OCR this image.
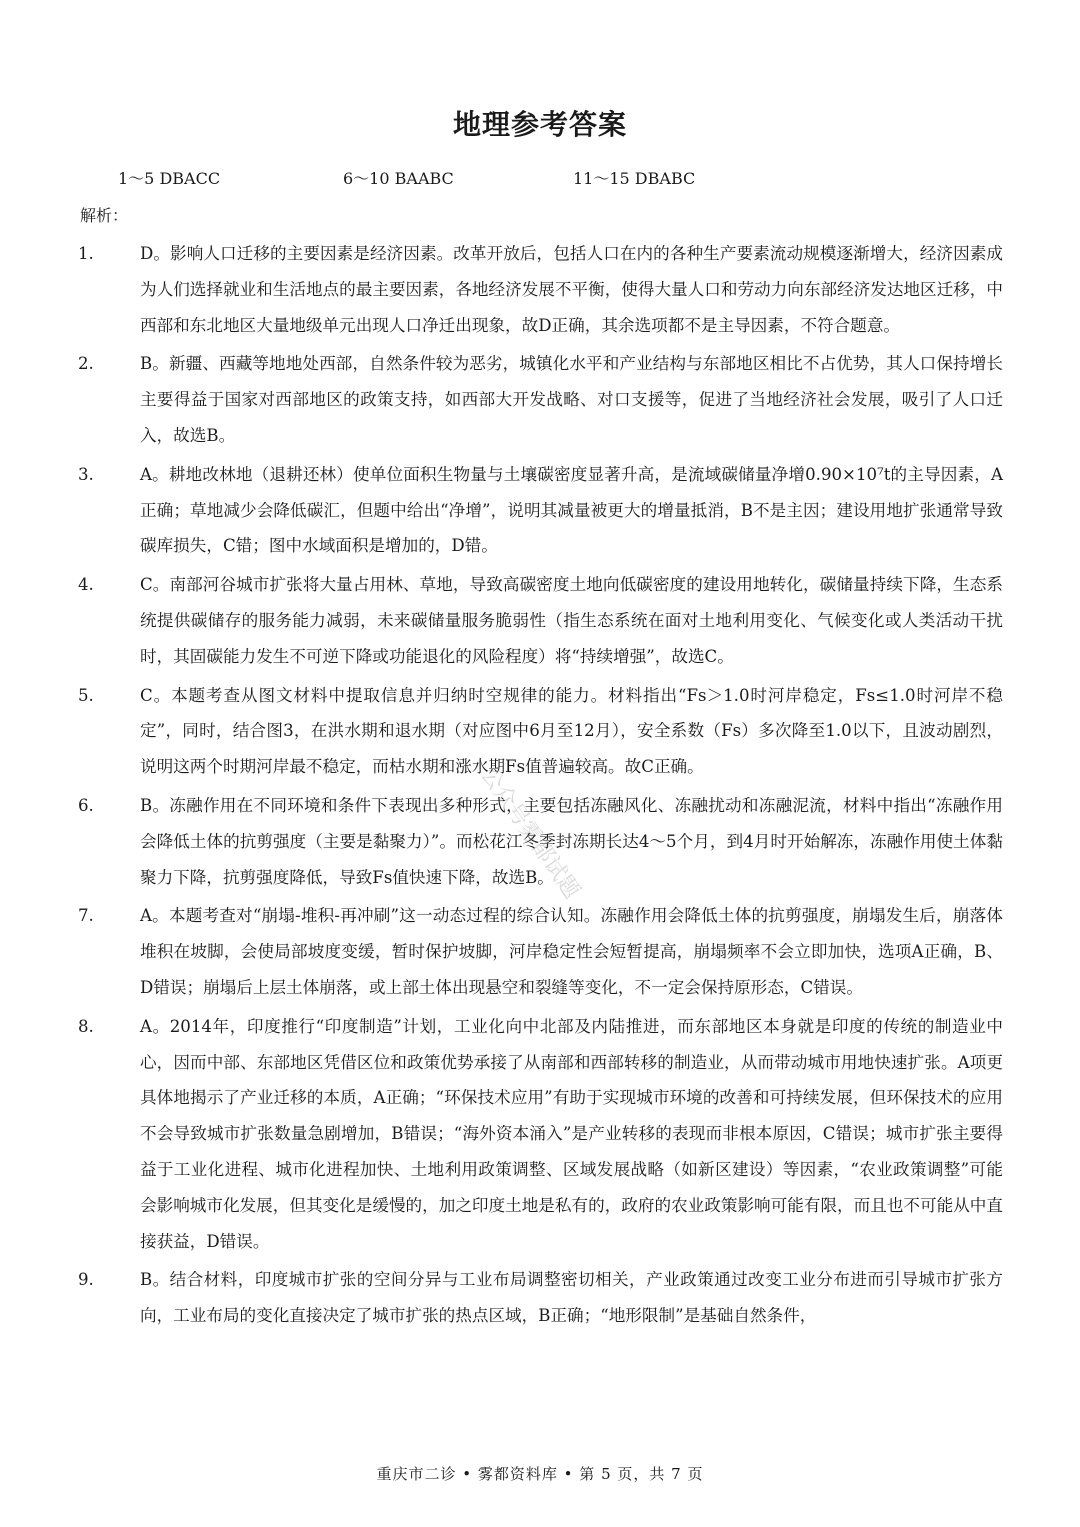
地理参考答案
1～5 DBACC	6～10 BAABC	11～15 DBABC
解析：
1.	D。影响人口迁移的主要因素是经济因素。改革开放后，包括人口在内的各种生产要素流动规模逐渐增大，经济因素成为人们选择就业和生活地点的最主要因素，各地经济发展不平衡，使得大量人口和劳动力向东部经济发达地区迁移，中西部和东北地区大量地级单元出现人口净迁出现象，故D正确，其余选项都不是主导因素，不符合题意。
2.	B。新疆、西藏等地地处西部，自然条件较为恶劣，城镇化水平和产业结构与东部地区相比不占优势，其人口保持增长主要得益于国家对西部地区的政策支持，如西部大开发战略、对口支援等，促进了当地经济社会发展，吸引了人口迁入，故选B。
3.	A。耕地改林地（退耕还林）使单位面积生物量与土壤碳密度显著升高，是流域碳储量净增0.90×10⁷t的主导因素，A正确；草地减少会降低碳汇，但题中给出“净增”，说明其减量被更大的增量抵消，B不是主因；建设用地扩张通常导致碳库损失，C错；图中水域面积是增加的，D错。
4.	C。南部河谷城市扩张将大量占用林、草地，导致高碳密度土地向低碳密度的建设用地转化，碳储量持续下降，生态系统提供碳储存的服务能力减弱，未来碳储量服务脆弱性（指生态系统在面对土地利用变化、气候变化或人类活动干扰时，其固碳能力发生不可逆下降或功能退化的风险程度）将“持续增强”，故选C。
5.	C。本题考查从图文材料中提取信息并归纳时空规律的能力。材料指出“Fs＞1.0时河岸稳定，Fs≤1.0时河岸不稳定”，同时，结合图3，在洪水期和退水期（对应图中6月至12月），安全系数（Fs）多次降至1.0以下，且波动剧烈，说明这两个时期河岸最不稳定，而枯水期和涨水期Fs值普遍较高。故C正确。
6.	B。冻融作用在不同环境和条件下表现出多种形式，主要包括冻融风化、冻融扰动和冻融泥流，材料中指出“冻融作用会降低土体的抗剪强度（主要是黏聚力）”。而松花江冬季封冻期长达4～5个月，到4月时开始解冻，冻融作用使土体黏聚力下降，抗剪强度降低，导致Fs值快速下降，故选B。
7.	A。本题考查对“崩塌-堆积-再冲刷”这一动态过程的综合认知。冻融作用会降低土体的抗剪强度，崩塌发生后，崩落体堆积在坡脚，会使局部坡度变缓，暂时保护坡脚，河岸稳定性会短暂提高，崩塌频率不会立即加快，选项A正确，B、D错误；崩塌后上层土体崩落，或上部土体出现悬空和裂缝等变化，不一定会保持原形态，C错误。
8.	A。2014年，印度推行“印度制造”计划，工业化向中北部及内陆推进，而东部地区本身就是印度的传统的制造业中心，因而中部、东部地区凭借区位和政策优势承接了从南部和西部转移的制造业，从而带动城市用地快速扩张。A项更具体地揭示了产业迁移的本质，A正确；“环保技术应用”有助于实现城市环境的改善和可持续发展，但环保技术的应用不会导致城市扩张数量急剧增加，B错误；“海外资本涌入”是产业转移的表现而非根本原因，C错误；城市扩张主要得益于工业化进程、城市化进程加快、土地利用政策调整、区域发展战略（如新区建设）等因素，“农业政策调整”可能会影响城市化发展，但其变化是缓慢的，加之印度土地是私有的，政府的农业政策影响可能有限，而且也不可能从中直接获益，D错误。
9.	B。结合材料，印度城市扩张的空间分异与工业布局调整密切相关，产业政策通过改变工业分布进而引导城市扩张方向，工业布局的变化直接决定了城市扩张的热点区域，B正确；“地形限制”是基础自然条件，
公众号雾都试题
重庆市二诊 • 雾都资料库 • 第 5 页，共 7 页
